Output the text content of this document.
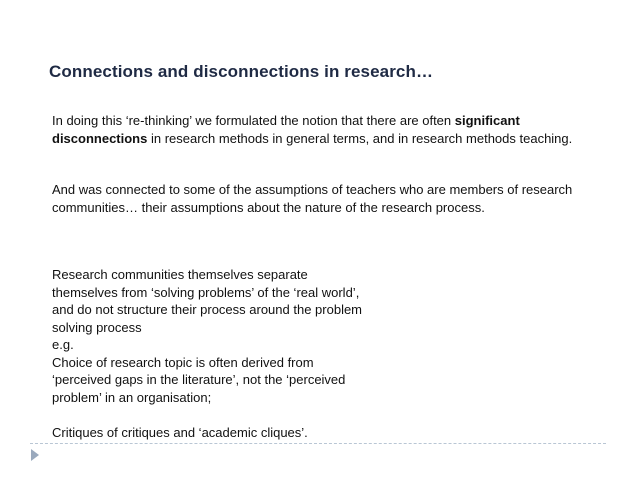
Connections and disconnections in research…

In doing this ‘re-thinking’ we formulated the notion that there are often significant disconnections in research methods in general terms, and in research methods teaching.

And was connected to some of the assumptions of teachers who are members of research communities… their assumptions about the nature of the research process.

Research communities themselves separate themselves from ‘solving problems’ of the ‘real world’, and do not structure their process around the problem solving process
e.g.
Choice of research topic is often derived from ‘perceived gaps in the literature’, not the ‘perceived problem’ in an organisation;

Critiques of critiques and ‘academic cliques’.
